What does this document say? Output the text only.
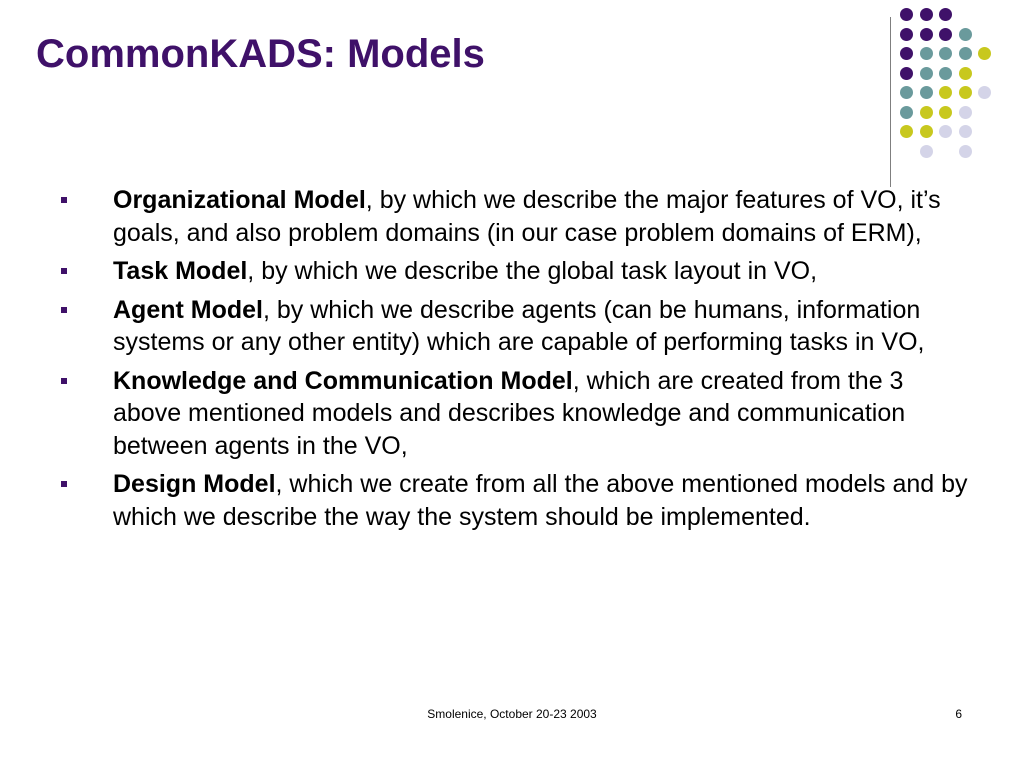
CommonKADS: Models
Organizational Model, by which we describe the major features of VO, it’s goals, and also problem domains (in our case problem domains of ERM),
Task Model, by which we describe the global task layout in VO,
Agent Model, by which we describe agents (can be humans, information systems or any other entity) which are capable of performing tasks in VO,
Knowledge and Communication Model, which are created from the 3 above mentioned models and describes knowledge and communication between agents in the VO,
Design Model, which we create from all the above mentioned models and by which we describe the way the system should be implemented.
Smolenice, October 20-23 2003	6
